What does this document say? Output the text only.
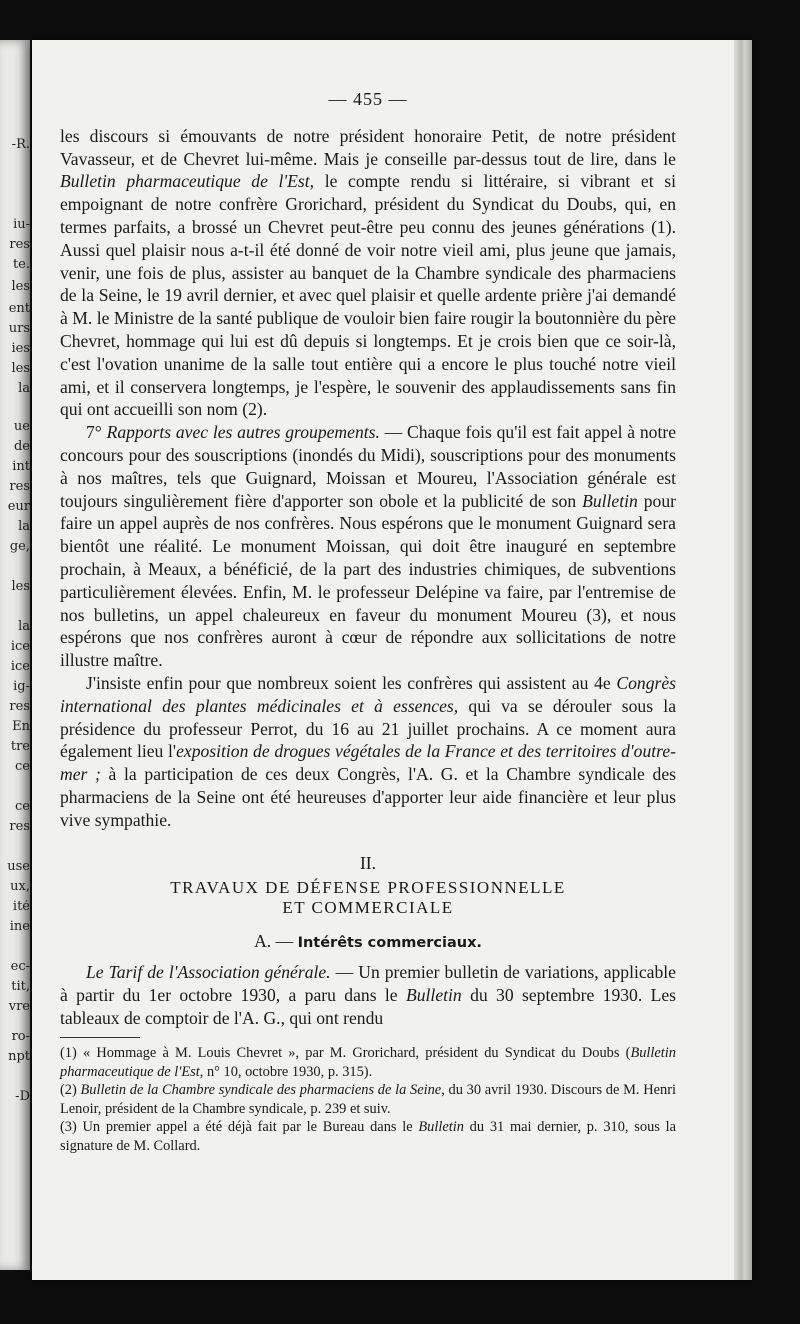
-R.
iu-
res
te.
les
ent
urs
ies
les
la
ue
de
int
res
eur
la
ge,
les
la
ice
ice
ig-
res
En
tre
ce
ce
res
use
ux,
ité
ine
ec-
tit,
vre
ro-
npt
-D
— 455 —

les discours si émouvants de notre président honoraire Petit, de notre président Vavasseur, et de Chevret lui-même. Mais je conseille par-dessus tout de lire, dans le Bulletin pharmaceutique de l'Est, le compte rendu si littéraire, si vibrant et si empoignant de notre confrère Grorichard, président du Syndicat du Doubs, qui, en termes parfaits, a brossé un Chevret peut-être peu connu des jeunes générations (1). Aussi quel plaisir nous a-t-il été donné de voir notre vieil ami, plus jeune que jamais, venir, une fois de plus, assister au banquet de la Chambre syndicale des pharmaciens de la Seine, le 19 avril dernier, et avec quel plaisir et quelle ardente prière j'ai demandé à M. le Ministre de la santé publique de vouloir bien faire rougir la boutonnière du père Chevret, hommage qui lui est dû depuis si longtemps. Et je crois bien que ce soir-là, c'est l'ovation unanime de la salle tout entière qui a encore le plus touché notre vieil ami, et il conservera longtemps, je l'espère, le souvenir des applaudissements sans fin qui ont accueilli son nom (2).

7° Rapports avec les autres groupements. — Chaque fois qu'il est fait appel à notre concours pour des souscriptions (inondés du Midi), souscriptions pour des monuments à nos maîtres, tels que Guignard, Moissan et Moureu, l'Association générale est toujours singulièrement fière d'apporter son obole et la publicité de son Bulletin pour faire un appel auprès de nos confrères. Nous espérons que le monument Guignard sera bientôt une réalité. Le monument Moissan, qui doit être inauguré en septembre prochain, à Meaux, a bénéficié, de la part des industries chimiques, de subventions particulièrement élevées. Enfin, M. le professeur Delépine va faire, par l'entremise de nos bulletins, un appel chaleureux en faveur du monument Moureu (3), et nous espérons que nos confrères auront à cœur de répondre aux sollicitations de notre illustre maître.

J'insiste enfin pour que nombreux soient les confrères qui assistent au 4e Congrès international des plantes médicinales et à essences, qui va se dérouler sous la présidence du professeur Perrot, du 16 au 21 juillet prochains. A ce moment aura également lieu l'exposition de drogues végétales de la France et des territoires d'outre-mer ; à la participation de ces deux Congrès, l'A. G. et la Chambre syndicale des pharmaciens de la Seine ont été heureuses d'apporter leur aide financière et leur plus vive sympathie.

II.
TRAVAUX DE DÉFENSE PROFESSIONNELLE
ET COMMERCIALE
A. — Intérêts commerciaux.

Le Tarif de l'Association générale. — Un premier bulletin de variations, applicable à partir du 1er octobre 1930, a paru dans le Bulletin du 30 septembre 1930. Les tableaux de comptoir de l'A. G., qui ont rendu

(1) « Hommage à M. Louis Chevret », par M. Grorichard, président du Syndicat du Doubs (Bulletin pharmaceutique de l'Est, n° 10, octobre 1930, p. 315).

(2) Bulletin de la Chambre syndicale des pharmaciens de la Seine, du 30 avril 1930. Discours de M. Henri Lenoir, président de la Chambre syndicale, p. 239 et suiv.

(3) Un premier appel a été déjà fait par le Bureau dans le Bulletin du 31 mai dernier, p. 310, sous la signature de M. Collard.
